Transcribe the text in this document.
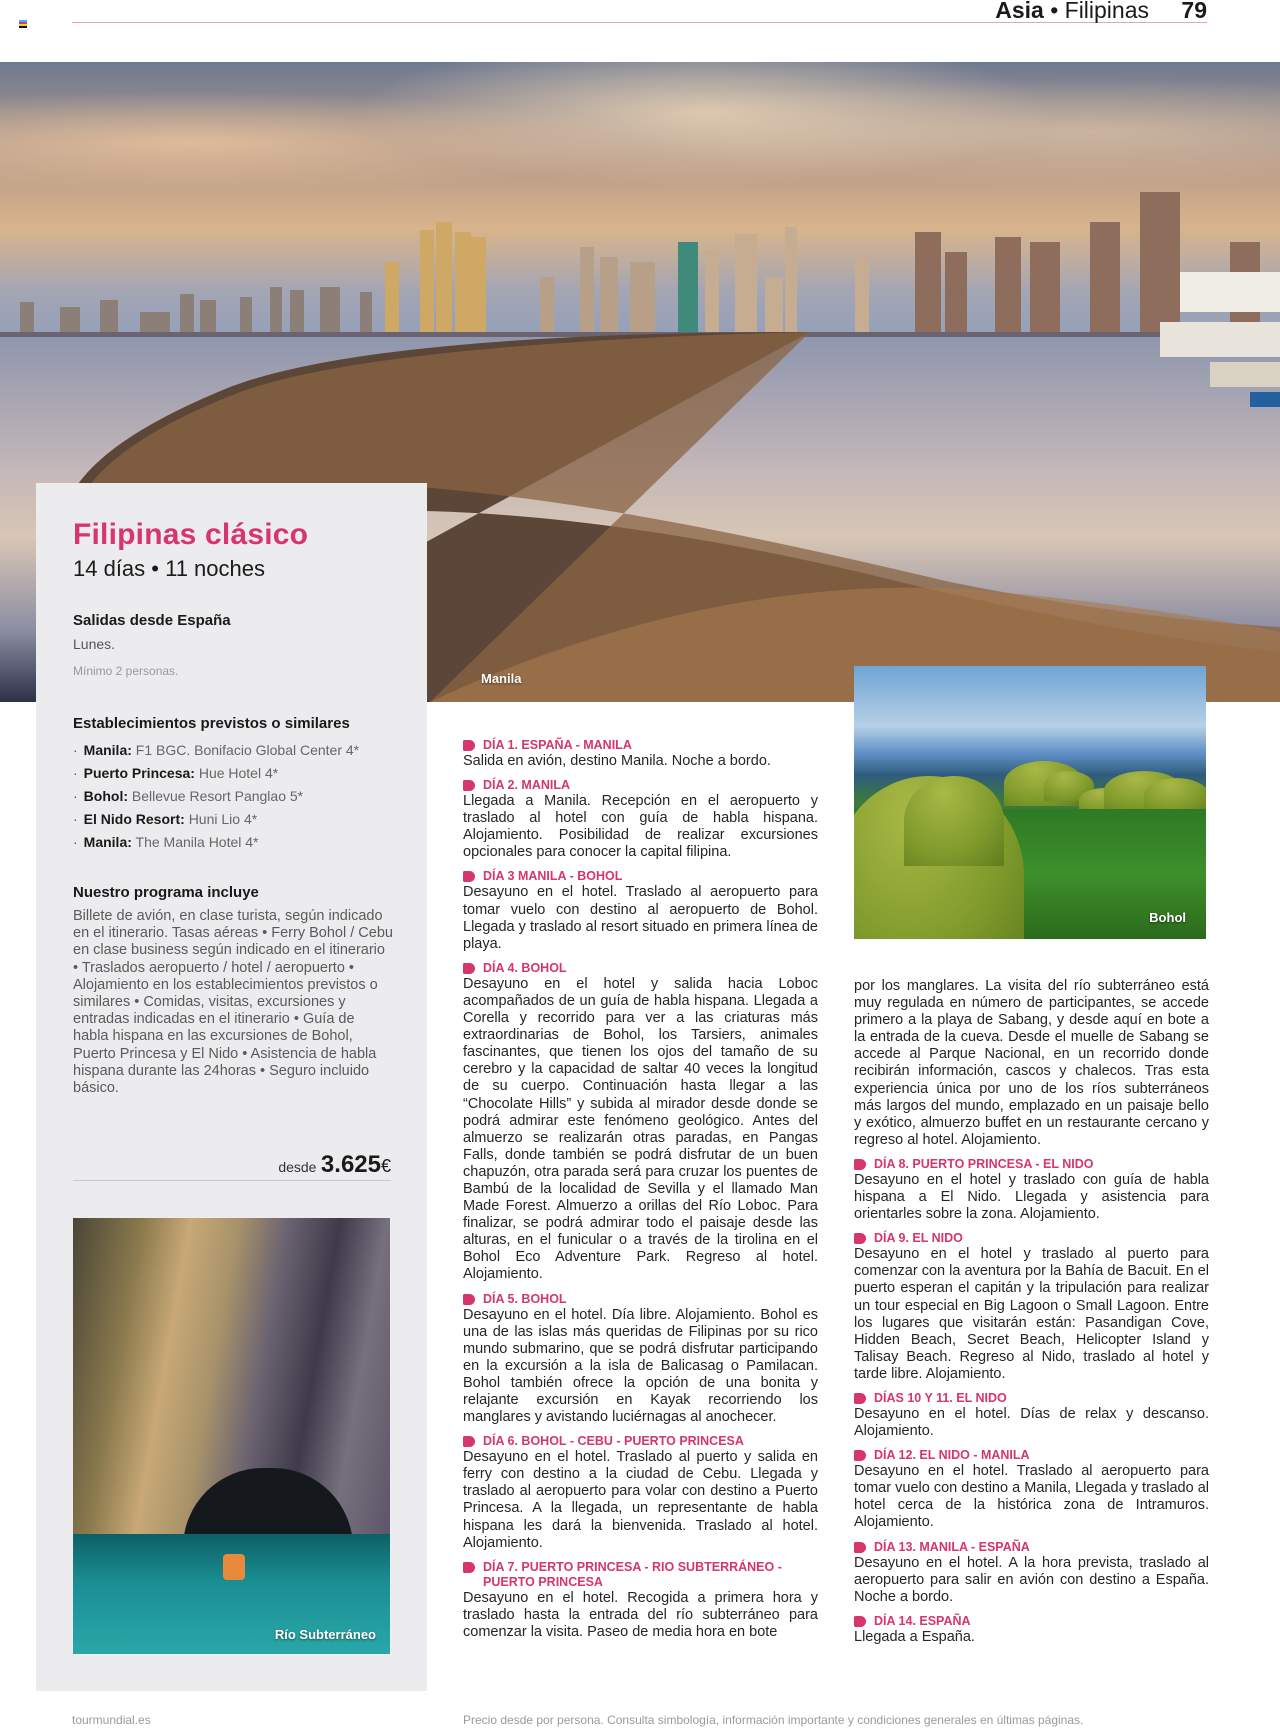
Asia • Filipinas 79
Manila
Filipinas clásico
14 días • 11 noches
Salidas desde España
Lunes.
Mínimo 2 personas.
Establecimientos previstos o similares
· Manila: F1 BGC. Bonifacio Global Center 4*
· Puerto Princesa: Hue Hotel 4*
· Bohol: Bellevue Resort Panglao 5*
· El Nido Resort: Huni Lio 4*
· Manila: The Manila Hotel 4*
Nuestro programa incluye
Billete de avión, en clase turista, según indicado en el itinerario. Tasas aéreas • Ferry Bohol / Cebu en clase business según indicado en el itinerario • Traslados aeropuerto / hotel / aeropuerto • Alojamiento en los establecimientos previstos o similares • Comidas, visitas, excursiones y entradas indicadas en el itinerario • Guía de habla hispana en las excursiones de Bohol, Puerto Princesa y El Nido • Asistencia de habla hispana durante las 24horas • Seguro incluido básico.
desde 3.625€
Río Subterráneo
Bohol
DÍA 1. ESPAÑA - MANILA
Salida en avión, destino Manila. Noche a bordo.
DÍA 2. MANILA
Llegada a Manila. Recepción en el aeropuerto y traslado al hotel con guía de habla hispana. Alojamiento. Posibilidad de realizar excursiones opcionales para conocer la capital filipina.
DÍA 3 MANILA - BOHOL
Desayuno en el hotel. Traslado al aeropuerto para tomar vuelo con destino al aeropuerto de Bohol. Llegada y traslado al resort situado en primera línea de playa.
DÍA 4. BOHOL
Desayuno en el hotel y salida hacia Loboc acompañados de un guía de habla hispana. Llegada a Corella y recorrido para ver a las criaturas más extraordinarias de Bohol, los Tarsiers, animales fascinantes, que tienen los ojos del tamaño de su cerebro y la capacidad de saltar 40 veces la longitud de su cuerpo. Continuación hasta llegar a las “Chocolate Hills” y subida al mirador desde donde se podrá admirar este fenómeno geológico. Antes del almuerzo se realizarán otras paradas, en Pangas Falls, donde también se podrá disfrutar de un buen chapuzón, otra parada será para cruzar los puentes de Bambú de la localidad de Sevilla y el llamado Man Made Forest. Almuerzo a orillas del Río Loboc. Para finalizar, se podrá admirar todo el paisaje desde las alturas, en el funicular o a través de la tirolina en el Bohol Eco Adventure Park. Regreso al hotel. Alojamiento.
DÍA 5. BOHOL
Desayuno en el hotel. Día libre. Alojamiento. Bohol es una de las islas más queridas de Filipinas por su rico mundo submarino, que se podrá disfrutar participando en la excursión a la isla de Balicasag o Pamilacan. Bohol también ofrece la opción de una bonita y relajante excursión en Kayak recorriendo los manglares y avistando luciérnagas al anochecer.
DÍA 6. BOHOL - CEBU - PUERTO PRINCESA
Desayuno en el hotel. Traslado al puerto y salida en ferry con destino a la ciudad de Cebu. Llegada y traslado al aeropuerto para volar con destino a Puerto Princesa. A la llegada, un representante de habla hispana les dará la bienvenida. Traslado al hotel. Alojamiento.
DÍA 7. PUERTO PRINCESA - RIO SUBTERRÁNEO - PUERTO PRINCESA
Desayuno en el hotel. Recogida a primera hora y traslado hasta la entrada del río subterráneo para comenzar la visita. Paseo de media hora en bote
por los manglares. La visita del río subterráneo está muy regulada en número de participantes, se accede primero a la playa de Sabang, y desde aquí en bote a la entrada de la cueva. Desde el muelle de Sabang se accede al Parque Nacional, en un recorrido donde recibirán información, cascos y chalecos. Tras esta experiencia única por uno de los ríos subterráneos más largos del mundo, emplazado en un paisaje bello y exótico, almuerzo buffet en un restaurante cercano y regreso al hotel. Alojamiento.
DÍA 8. PUERTO PRINCESA - EL NIDO
Desayuno en el hotel y traslado con guía de habla hispana a El Nido. Llegada y asistencia para orientarles sobre la zona. Alojamiento.
DÍA 9. EL NIDO
Desayuno en el hotel y traslado al puerto para comenzar con la aventura por la Bahía de Bacuit. En el puerto esperan el capitán y la tripulación para realizar un tour especial en Big Lagoon o Small Lagoon. Entre los lugares que visitarán están: Pasandigan Cove, Hidden Beach, Secret Beach, Helicopter Island y Talisay Beach. Regreso al Nido, traslado al hotel y tarde libre. Alojamiento.
DÍAS 10 Y 11. EL NIDO
Desayuno en el hotel. Días de relax y descanso. Alojamiento.
DÍA 12. EL NIDO - MANILA
Desayuno en el hotel. Traslado al aeropuerto para tomar vuelo con destino a Manila, Llegada y traslado al hotel cerca de la histórica zona de Intramuros. Alojamiento.
DÍA 13. MANILA - ESPAÑA
Desayuno en el hotel. A la hora prevista, traslado al aeropuerto para salir en avión con destino a España. Noche a bordo.
DÍA 14. ESPAÑA
Llegada a España.
tourmundial.es	Precio desde por persona. Consulta simbología, información importante y condiciones generales en últimas páginas.
